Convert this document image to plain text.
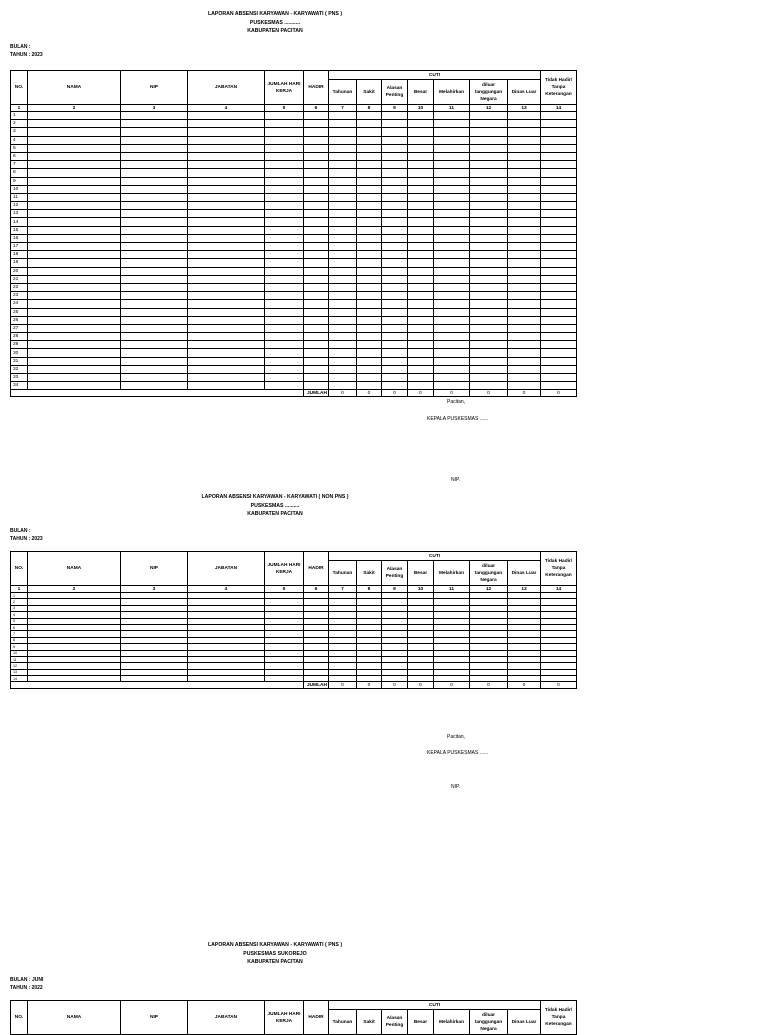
LAPORAN ABSENSI KARYAWAN - KARYAWATI ( PNS )
PUSKESMAS ...........
KABUPATEN PACITAN
BULAN :
TAHUN : 2023
NO.	NAMA	NIP	JABATAN	JUMLAH HARI KERJA	HADIR	CUTI							Tidak Hadir/ Tanpa Keterangan
						Tahunan	Sakit	Alasan Penting	Besar	Melahirkan	diluar tanggungan Negara	Dinas Luar	
1	2	3	4	5	6	7	8	9	10	11	12	13	14
1													
2													
3													
4													
5													
6													
7													
8													
9													
10													
11													
12													
13													
14													
15													
16													
17													
18													
19													
20													
21													
22													
23													
24													
25													
26													
27													
28													
29													
30													
31													
32													
33													
34													
					JUMLAH	0	0	0	0	0	0	0	0
Pacitan,
KEPALA PUSKESMAS ......
NIP.
LAPORAN ABSENSI KARYAWAN - KARYAWATI ( NON PNS )
PUSKESMAS ..........
KABUPATEN PACITAN
BULAN :
TAHUN : 2023
NO.	NAMA	NIP	JABATAN	JUMLAH HARI KERJA	HADIR	CUTI							Tidak Hadir/ Tanpa Keterangan
						Tahunan	Sakit	Alasan Penting	Besar	Melahirkan	diluar tanggungan Negara	Dinas Luar	
1	2	3	4	5	6	7	8	9	10	11	12	13	14
1													
2													
3													
4													
5													
6													
7													
8													
9													
10													
11													
12													
13													
14													
					JUMLAH	0	0	0	0	0	0	0	0
Pacitan,
KEPALA PUSKESMAS ......
NIP.
LAPORAN ABSENSI KARYAWAN - KARYAWATI ( PNS )
PUSKESMAS SUKOREJO
KABUPATEN PACITAN
BULAN : JUNI
TAHUN : 2022
NO.	NAMA	NIP	JABATAN	JUMLAH HARI KERJA	HADIR	CUTI							Tidak Hadir/ Tanpa Keterangan
						Tahunan	Sakit	Alasan Penting	Besar	Melahirkan	diluar tanggungan Negara	Dinas Luar	
